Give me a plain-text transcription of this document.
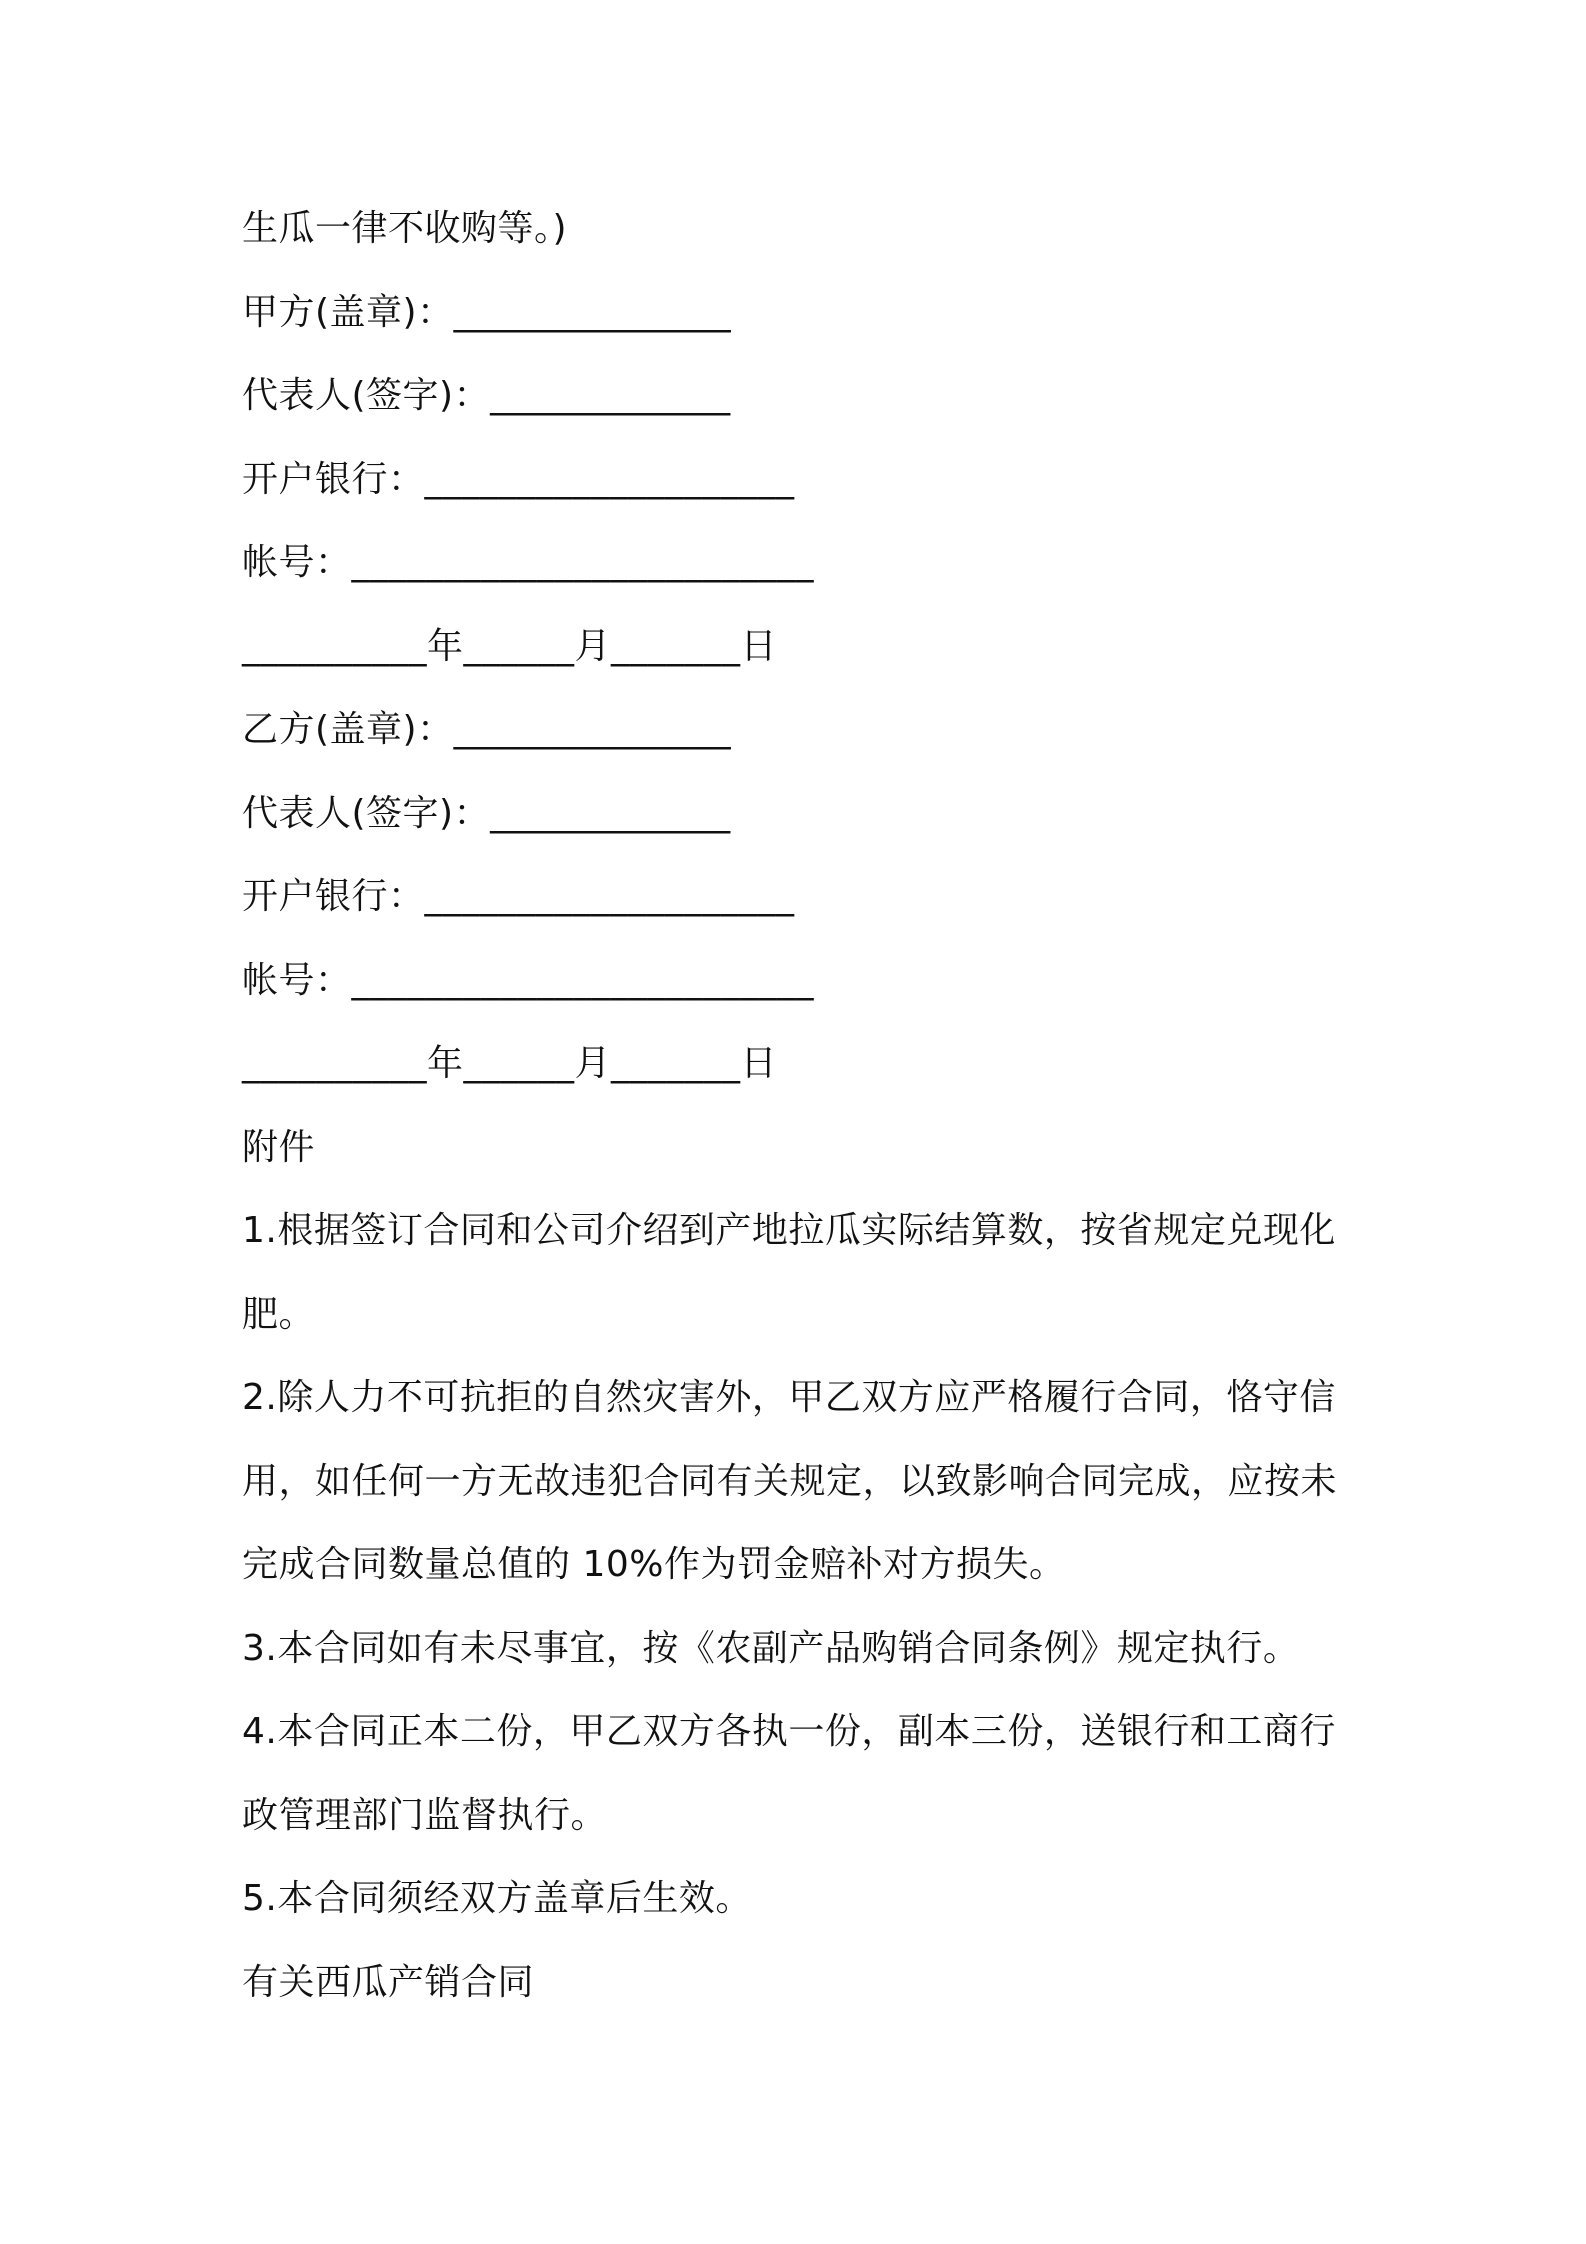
生瓜一律不收购等。)
甲方(盖章)：_______________
代表人(签字)：_____________
开户银行：____________________
帐号：_________________________
__________年______月_______日
乙方(盖章)：_______________
代表人(签字)：_____________
开户银行：____________________
帐号：_________________________
__________年______月_______日
附件
1.根据签订合同和公司介绍到产地拉瓜实际结算数，按省规定兑现化
肥。
2.除人力不可抗拒的自然灾害外，甲乙双方应严格履行合同，恪守信
用，如任何一方无故违犯合同有关规定，以致影响合同完成，应按未
完成合同数量总值的 10%作为罚金赔补对方损失。
3.本合同如有未尽事宜，按《农副产品购销合同条例》规定执行。
4.本合同正本二份，甲乙双方各执一份，副本三份，送银行和工商行
政管理部门监督执行。
5.本合同须经双方盖章后生效。
有关西瓜产销合同
